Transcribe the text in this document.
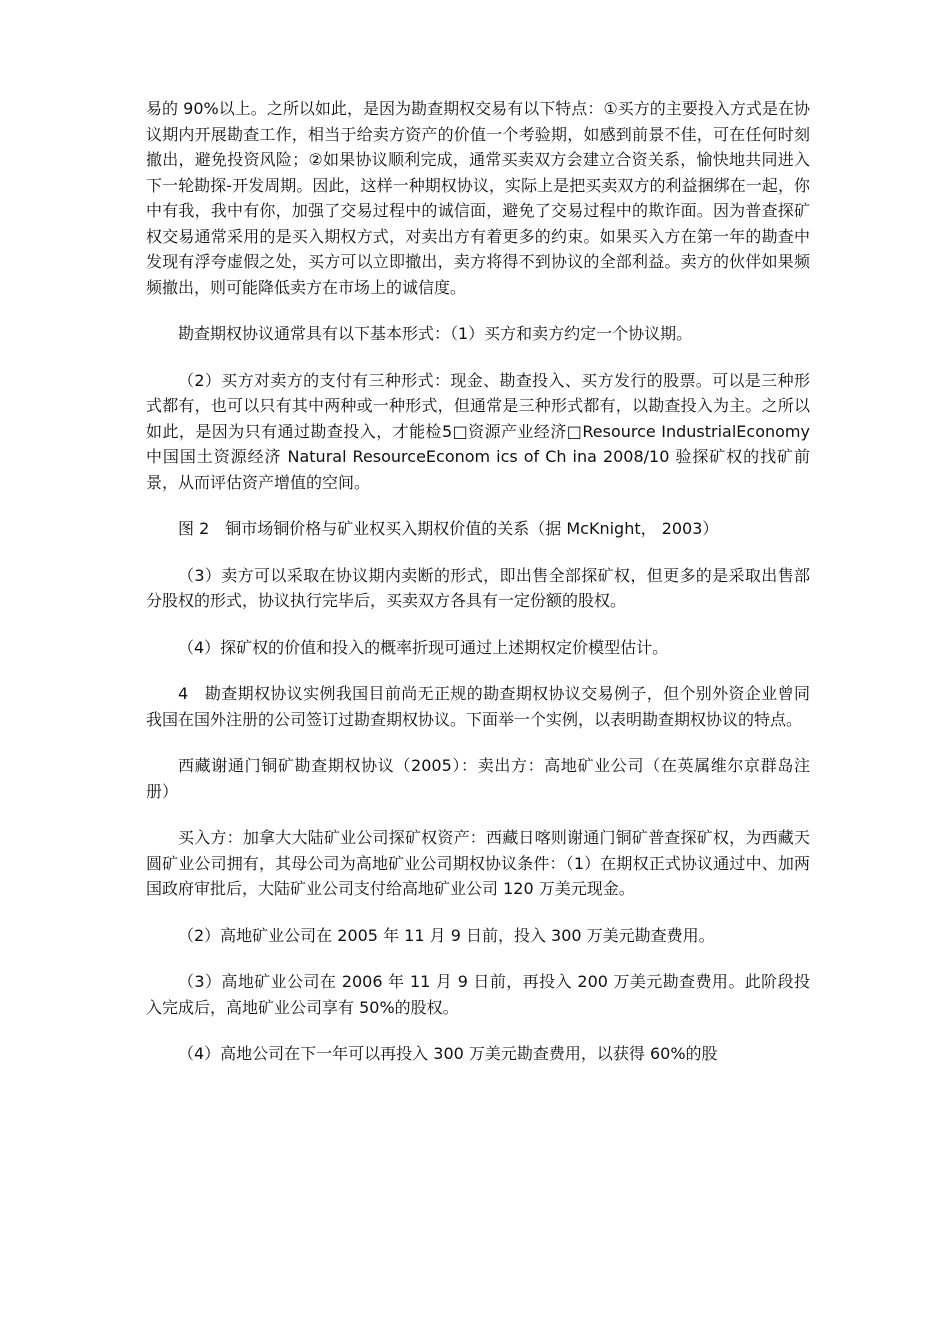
易的 90%以上。之所以如此，是因为勘查期权交易有以下特点：①买方的主要投入方式是在协议期内开展勘查工作，相当于给卖方资产的价值一个考验期，如感到前景不佳，可在任何时刻撤出，避免投资风险；②如果协议顺利完成，通常买卖双方会建立合资关系，愉快地共同进入下一轮勘探-开发周期。因此，这样一种期权协议，实际上是把买卖双方的利益捆绑在一起，你中有我，我中有你，加强了交易过程中的诚信面，避免了交易过程中的欺诈面。因为普查探矿权交易通常采用的是买入期权方式，对卖出方有着更多的约束。如果买入方在第一年的勘查中发现有浮夸虚假之处，买方可以立即撤出，卖方将得不到协议的全部利益。卖方的伙伴如果频频撤出，则可能降低卖方在市场上的诚信度。

勘查期权协议通常具有以下基本形式：（1）买方和卖方约定一个协议期。

（2）买方对卖方的支付有三种形式：现金、勘查投入、买方发行的股票。可以是三种形式都有，也可以只有其中两种或一种形式，但通常是三种形式都有，以勘查投入为主。之所以如此，是因为只有通过勘查投入，才能检5□资源产业经济□Resource IndustrialEconomy 中国国土资源经济 Natural ResourceEconom ics of Ch ina 2008/10 验探矿权的找矿前景，从而评估资产增值的空间。

图 2　铜市场铜价格与矿业权买入期权价值的关系（据 McKnight， 2003）

（3）卖方可以采取在协议期内卖断的形式，即出售全部探矿权，但更多的是采取出售部分股权的形式，协议执行完毕后，买卖双方各具有一定份额的股权。

（4）探矿权的价值和投入的概率折现可通过上述期权定价模型估计。

4　勘查期权协议实例我国目前尚无正规的勘查期权协议交易例子，但个别外资企业曾同我国在国外注册的公司签订过勘查期权协议。下面举一个实例，以表明勘查期权协议的特点。

西藏谢通门铜矿勘查期权协议（2005）：卖出方：高地矿业公司（在英属维尔京群岛注册）

买入方：加拿大大陆矿业公司探矿权资产：西藏日喀则谢通门铜矿普查探矿权，为西藏天圆矿业公司拥有，其母公司为高地矿业公司期权协议条件：（1）在期权正式协议通过中、加两国政府审批后，大陆矿业公司支付给高地矿业公司 120 万美元现金。

（2）高地矿业公司在 2005 年 11 月 9 日前，投入 300 万美元勘查费用。

（3）高地矿业公司在 2006 年 11 月 9 日前，再投入 200 万美元勘查费用。此阶段投入完成后，高地矿业公司享有 50%的股权。

（4）高地公司在下一年可以再投入 300 万美元勘查费用，以获得 60%的股
